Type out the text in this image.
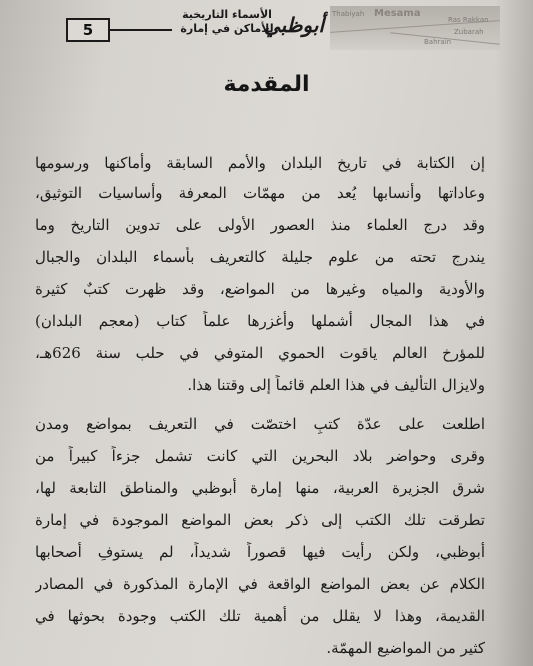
5
الأسماء التاريخية
للأماكن في إمارة
أبوظبي Thabiyah Mesama
Ras Rakkan
Zubarah
Bahrain
المقدمة
إن الكتابة في تاريخ البلدان والأمم السابقة وأماكنها ورسومها
وعاداتها وأنسابها يُعد من مهمّات المعرفة وأساسيات التوثيق،
وقد درج العلماء منذ العصور الأولى على تدوين التاريخ وما
يندرج تحته من علوم جليلة كالتعريف بأسماء البلدان والجبال
والأودية والمياه وغيرها من المواضع، وقد ظهرت كتبٌ كثيرة
في هذا المجال أشملها وأغزرها علماً كتاب (معجم البلدان)
للمؤرخ العالم ياقوت الحموي المتوفي في حلب سنة 626هـ،
ولايزال التأليف في هذا العلم قائماً إلى وقتنا هذا.
اطلعت على عدّة كتبٍ اختصّت في التعريف بمواضع ومدن
وقرى وحواضر بلاد البحرين التي كانت تشمل جزءاً كبيراً من
شرق الجزيرة العربية، منها إمارة أبوظبي والمناطق التابعة لها،
تطرقت تلك الكتب إلى ذكر بعض المواضع الموجودة في إمارة
أبوظبي، ولكن رأيت فيها قصوراً شديداً، لم يستوفِ أصحابها
الكلام عن بعض المواضع الواقعة في الإمارة المذكورة في المصادر
القديمة، وهذا لا يقلل من أهمية تلك الكتب وجودة بحوثها في
كثير من المواضيع المهمّة.
